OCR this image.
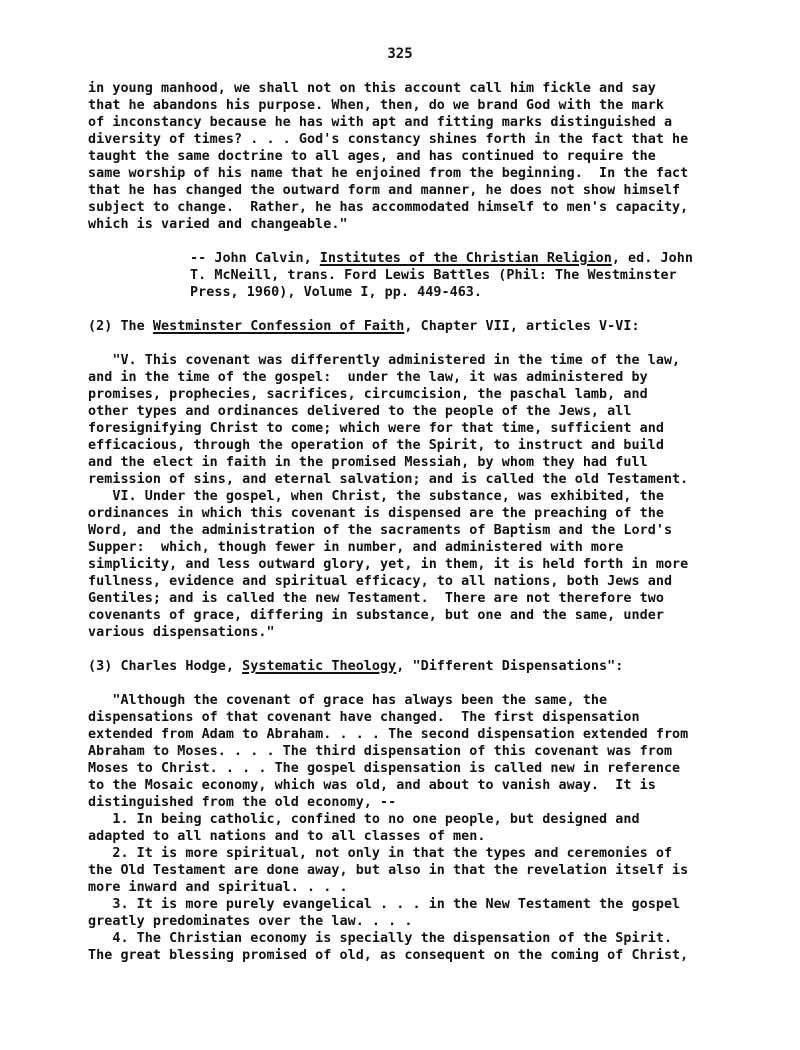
325
in young manhood, we shall not on this account call him fickle and say
that he abandons his purpose. When, then, do we brand God with the mark
of inconstancy because he has with apt and fitting marks distinguished a
diversity of times? . . . God's constancy shines forth in the fact that he
taught the same doctrine to all ages, and has continued to require the
same worship of his name that he enjoined from the beginning.  In the fact
that he has changed the outward form and manner, he does not show himself
subject to change.  Rather, he has accommodated himself to men's capacity,
which is varied and changeable."
-- John Calvin, Institutes of the Christian Religion, ed. John
T. McNeill, trans. Ford Lewis Battles (Phil: The Westminster
Press, 1960), Volume I, pp. 449-463.
(2) The Westminster Confession of Faith, Chapter VII, articles V-VI:
"V. This covenant was differently administered in the time of the law,
and in the time of the gospel:  under the law, it was administered by
promises, prophecies, sacrifices, circumcision, the paschal lamb, and
other types and ordinances delivered to the people of the Jews, all
foresignifying Christ to come; which were for that time, sufficient and
efficacious, through the operation of the Spirit, to instruct and build
and the elect in faith in the promised Messiah, by whom they had full
remission of sins, and eternal salvation; and is called the old Testament.
VI. Under the gospel, when Christ, the substance, was exhibited, the
ordinances in which this covenant is dispensed are the preaching of the
Word, and the administration of the sacraments of Baptism and the Lord's
Supper:  which, though fewer in number, and administered with more
simplicity, and less outward glory, yet, in them, it is held forth in more
fullness, evidence and spiritual efficacy, to all nations, both Jews and
Gentiles; and is called the new Testament.  There are not therefore two
covenants of grace, differing in substance, but one and the same, under
various dispensations."
(3) Charles Hodge, Systematic Theology, "Different Dispensations":
"Although the covenant of grace has always been the same, the
dispensations of that covenant have changed.  The first dispensation
extended from Adam to Abraham. . . . The second dispensation extended from
Abraham to Moses. . . . The third dispensation of this covenant was from
Moses to Christ. . . . The gospel dispensation is called new in reference
to the Mosaic economy, which was old, and about to vanish away.  It is
distinguished from the old economy, --
1. In being catholic, confined to no one people, but designed and
adapted to all nations and to all classes of men.
2. It is more spiritual, not only in that the types and ceremonies of
the Old Testament are done away, but also in that the revelation itself is
more inward and spiritual. . . .
3. It is more purely evangelical . . . in the New Testament the gospel
greatly predominates over the law. . . .
4. The Christian economy is specially the dispensation of the Spirit.
The great blessing promised of old, as consequent on the coming of Christ,
